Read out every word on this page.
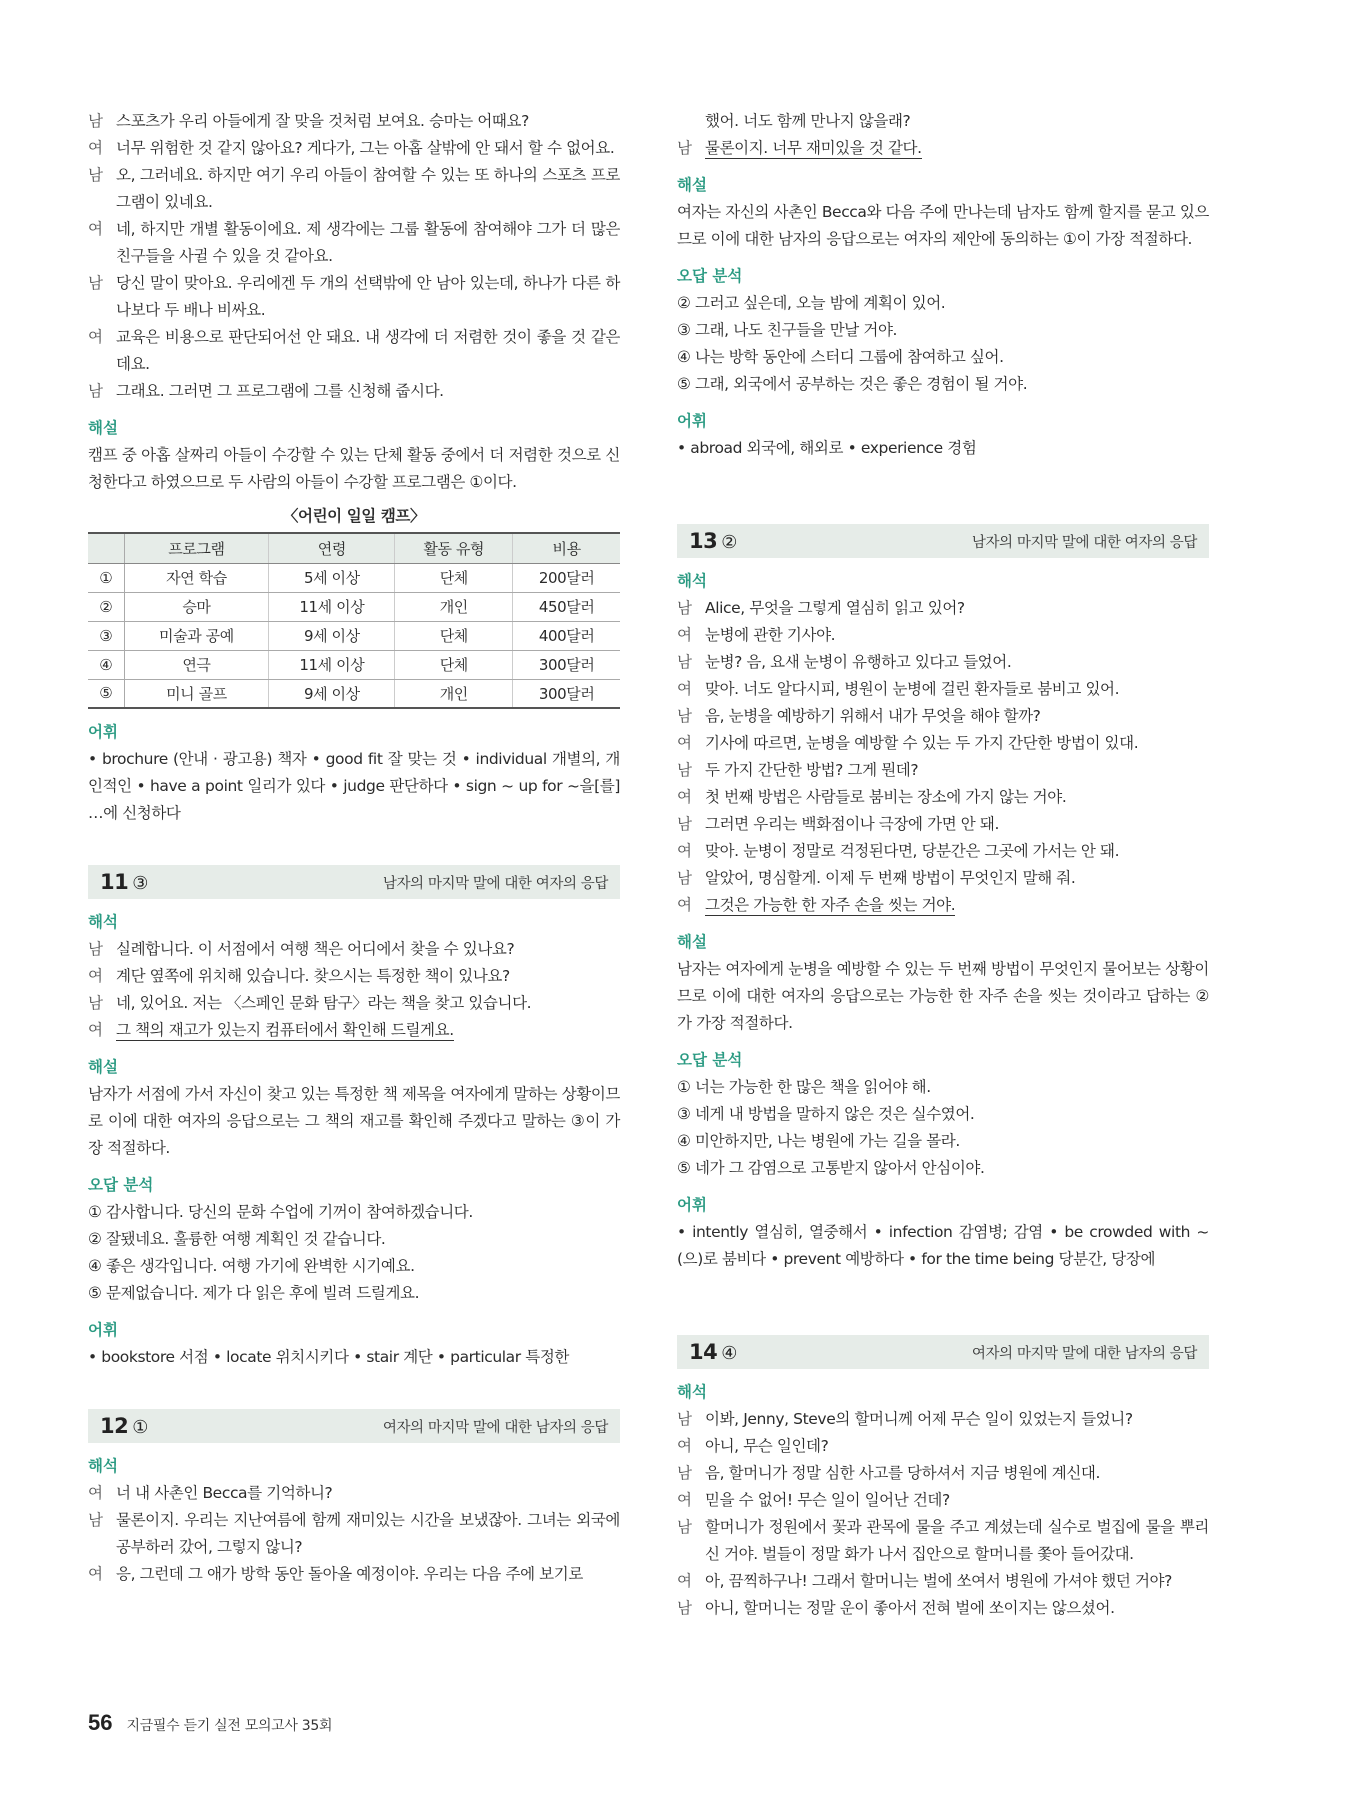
남 스포츠가 우리 아들에게 잘 맞을 것처럼 보여요. 승마는 어때요?
여 너무 위험한 것 같지 않아요? 게다가, 그는 아홉 살밖에 안 돼서 할 수 없어요.
남 오, 그러네요. 하지만 여기 우리 아들이 참여할 수 있는 또 하나의 스포츠 프로그램이 있네요.
여 네, 하지만 개별 활동이에요. 제 생각에는 그룹 활동에 참여해야 그가 더 많은 친구들을 사귈 수 있을 것 같아요.
남 당신 말이 맞아요. 우리에겐 두 개의 선택밖에 안 남아 있는데, 하나가 다른 하나보다 두 배나 비싸요.
여 교육은 비용으로 판단되어선 안 돼요. 내 생각에 더 저렴한 것이 좋을 것 같은데요.
남 그래요. 그러면 그 프로그램에 그를 신청해 줍시다.
해설
캠프 중 아홉 살짜리 아들이 수강할 수 있는 단체 활동 중에서 더 저렴한 것으로 신청한다고 하였으므로 두 사람의 아들이 수강할 프로그램은 ①이다.
〈어린이 일일 캠프〉
	프로그램	연령	활동 유형	비용
①	자연 학습	5세 이상	단체	200달러
②	승마	11세 이상	개인	450달러
③	미술과 공예	9세 이상	단체	400달러
④	연극	11세 이상	단체	300달러
⑤	미니 골프	9세 이상	개인	300달러
어휘
• brochure (안내 · 광고용) 책자 • good fit 잘 맞는 것 • individual 개별의, 개인적인 • have a point 일리가 있다 • judge 판단하다 • sign ~ up for ~을[를] …에 신청하다
11 ③	남자의 마지막 말에 대한 여자의 응답
해석
남 실례합니다. 이 서점에서 여행 책은 어디에서 찾을 수 있나요?
여 계단 옆쪽에 위치해 있습니다. 찾으시는 특정한 책이 있나요?
남 네, 있어요. 저는 〈스페인 문화 탐구〉라는 책을 찾고 있습니다.
여 그 책의 재고가 있는지 컴퓨터에서 확인해 드릴게요.
해설
남자가 서점에 가서 자신이 찾고 있는 특정한 책 제목을 여자에게 말하는 상황이므로 이에 대한 여자의 응답으로는 그 책의 재고를 확인해 주겠다고 말하는 ③이 가장 적절하다.
오답 분석
① 감사합니다. 당신의 문화 수업에 기꺼이 참여하겠습니다.
② 잘됐네요. 훌륭한 여행 계획인 것 같습니다.
④ 좋은 생각입니다. 여행 가기에 완벽한 시기예요.
⑤ 문제없습니다. 제가 다 읽은 후에 빌려 드릴게요.
어휘
• bookstore 서점 • locate 위치시키다 • stair 계단 • particular 특정한
12 ①	여자의 마지막 말에 대한 남자의 응답
해석
여 너 내 사촌인 Becca를 기억하니?
남 물론이지. 우리는 지난여름에 함께 재미있는 시간을 보냈잖아. 그녀는 외국에 공부하러 갔어, 그렇지 않니?
여 응, 그런데 그 애가 방학 동안 돌아올 예정이야. 우리는 다음 주에 보기로
했어. 너도 함께 만나지 않을래?
남 물론이지. 너무 재미있을 것 같다.
해설
여자는 자신의 사촌인 Becca와 다음 주에 만나는데 남자도 함께 할지를 묻고 있으므로 이에 대한 남자의 응답으로는 여자의 제안에 동의하는 ①이 가장 적절하다.
오답 분석
② 그러고 싶은데, 오늘 밤에 계획이 있어.
③ 그래, 나도 친구들을 만날 거야.
④ 나는 방학 동안에 스터디 그룹에 참여하고 싶어.
⑤ 그래, 외국에서 공부하는 것은 좋은 경험이 될 거야.
어휘
• abroad 외국에, 해외로 • experience 경험
13 ②	남자의 마지막 말에 대한 여자의 응답
해석
남 Alice, 무엇을 그렇게 열심히 읽고 있어?
여 눈병에 관한 기사야.
남 눈병? 음, 요새 눈병이 유행하고 있다고 들었어.
여 맞아. 너도 알다시피, 병원이 눈병에 걸린 환자들로 붐비고 있어.
남 음, 눈병을 예방하기 위해서 내가 무엇을 해야 할까?
여 기사에 따르면, 눈병을 예방할 수 있는 두 가지 간단한 방법이 있대.
남 두 가지 간단한 방법? 그게 뭔데?
여 첫 번째 방법은 사람들로 붐비는 장소에 가지 않는 거야.
남 그러면 우리는 백화점이나 극장에 가면 안 돼.
여 맞아. 눈병이 정말로 걱정된다면, 당분간은 그곳에 가서는 안 돼.
남 알았어, 명심할게. 이제 두 번째 방법이 무엇인지 말해 줘.
여 그것은 가능한 한 자주 손을 씻는 거야.
해설
남자는 여자에게 눈병을 예방할 수 있는 두 번째 방법이 무엇인지 물어보는 상황이므로 이에 대한 여자의 응답으로는 가능한 한 자주 손을 씻는 것이라고 답하는 ②가 가장 적절하다.
오답 분석
① 너는 가능한 한 많은 책을 읽어야 해.
③ 네게 내 방법을 말하지 않은 것은 실수였어.
④ 미안하지만, 나는 병원에 가는 길을 몰라.
⑤ 네가 그 감염으로 고통받지 않아서 안심이야.
어휘
• intently 열심히, 열중해서 • infection 감염병; 감염 • be crowded with ~(으)로 붐비다 • prevent 예방하다 • for the time being 당분간, 당장에
14 ④	여자의 마지막 말에 대한 남자의 응답
해석
남 이봐, Jenny, Steve의 할머니께 어제 무슨 일이 있었는지 들었니?
여 아니, 무슨 일인데?
남 음, 할머니가 정말 심한 사고를 당하셔서 지금 병원에 계신대.
여 믿을 수 없어! 무슨 일이 일어난 건데?
남 할머니가 정원에서 꽃과 관목에 물을 주고 계셨는데 실수로 벌집에 물을 뿌리신 거야. 벌들이 정말 화가 나서 집안으로 할머니를 쫓아 들어갔대.
여 아, 끔찍하구나! 그래서 할머니는 벌에 쏘여서 병원에 가셔야 했던 거야?
남 아니, 할머니는 정말 운이 좋아서 전혀 벌에 쏘이지는 않으셨어.
56 지금필수 듣기 실전 모의고사 35회
